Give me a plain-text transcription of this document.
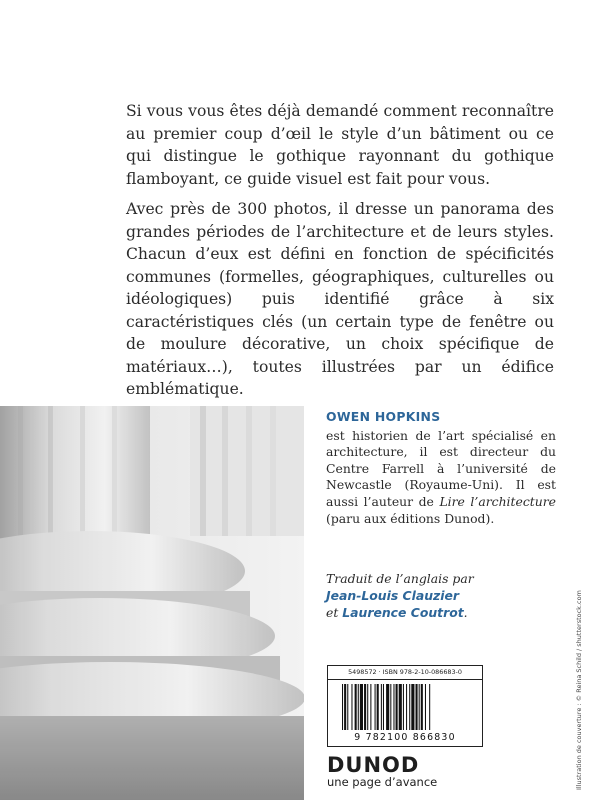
Si vous vous êtes déjà demandé comment reconnaître au premier coup d’œil le style d’un bâtiment ou ce qui distingue le gothique rayonnant du gothique flamboyant, ce guide visuel est fait pour vous.

Avec près de 300 photos, il dresse un panorama des grandes périodes de l’architecture et de leurs styles. Chacun d’eux est défini en fonction de spécificités communes (formelles, géographiques, culturelles ou idéologiques) puis identifié grâce à six caractéristiques clés (un certain type de fenêtre ou de moulure décorative, un choix spécifique de matériaux…), toutes illustrées par un édifice emblématique.

OWEN HOPKINS
est historien de l’art spécialisé en architecture, il est directeur du Centre Farrell à l’université de Newcastle (Royaume-Uni). Il est aussi l’auteur de Lire l’architecture (paru aux éditions Dunod).
Traduit de l’anglais par
Jean-Louis Clauzier
et Laurence Coutrot.
5498572 · ISBN 978-2-10-086683-0
9 782100 866830
DUNOD
une page d’avance	Illustration de couverture : © Reina Schild / shutterstock.com
